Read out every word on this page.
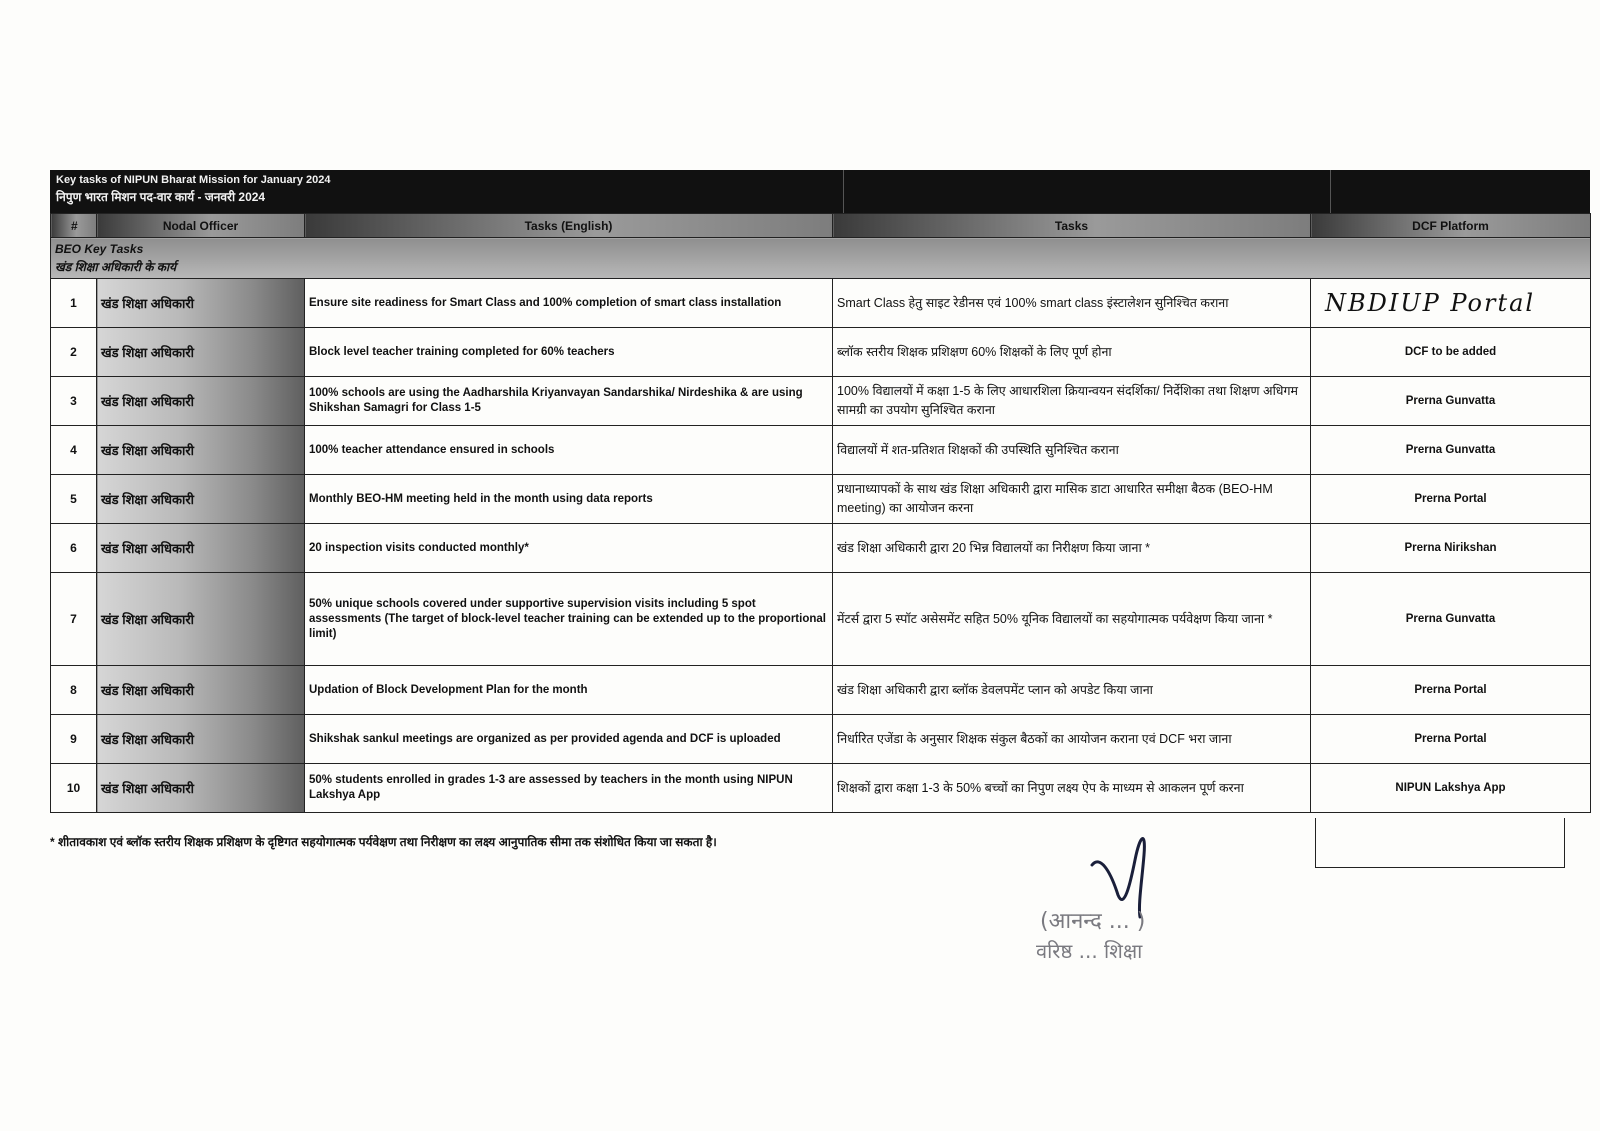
Key tasks of NIPUN Bharat Mission for January 2024
निपुण भारत मिशन पद-वार कार्य - जनवरी 2024
#	Nodal Officer	Tasks (English)	Tasks	DCF Platform

BEO Key Tasks
खंड शिक्षा अधिकारी के कार्य				

1	खंड शिक्षा अधिकारी	Ensure site readiness for Smart Class and 100% completion of smart class installation	Smart Class हेतु साइट रेडीनस एवं 100% smart class इंस्टालेशन सुनिश्चित कराना	NBDIUP Portal
2	खंड शिक्षा अधिकारी	Block level teacher training completed for 60% teachers	ब्लॉक स्तरीय शिक्षक प्रशिक्षण 60% शिक्षकों के लिए पूर्ण होना	DCF to be added
3	खंड शिक्षा अधिकारी	100% schools are using the Aadharshila Kriyanvayan Sandarshika/ Nirdeshika & are using Shikshan Samagri for Class 1-5	100% विद्यालयों में कक्षा 1-5 के लिए आधारशिला क्रियान्वयन संदर्शिका/ निर्देशिका तथा शिक्षण अधिगम सामग्री का उपयोग सुनिश्चित कराना	Prerna Gunvatta
4	खंड शिक्षा अधिकारी	100% teacher attendance ensured in schools	विद्यालयों में शत-प्रतिशत शिक्षकों की उपस्थिति सुनिश्चित कराना	Prerna Gunvatta
5	खंड शिक्षा अधिकारी	Monthly BEO-HM meeting held in the month using data reports	प्रधानाध्यापकों के साथ खंड शिक्षा अधिकारी द्वारा मासिक डाटा आधारित समीक्षा बैठक (BEO-HM meeting) का आयोजन करना	Prerna Portal
6	खंड शिक्षा अधिकारी	20 inspection visits conducted monthly*	खंड शिक्षा अधिकारी द्वारा 20 भिन्न विद्यालयों का निरीक्षण किया जाना *	Prerna Nirikshan
7	खंड शिक्षा अधिकारी	50% unique schools covered under supportive supervision visits including 5 spot assessments (The target of block-level teacher training can be extended up to the proportional limit)	मेंटर्स द्वारा 5 स्पॉट असेसमेंट सहित 50% यूनिक विद्यालयों का सहयोगात्मक पर्यवेक्षण किया जाना *	Prerna Gunvatta
8	खंड शिक्षा अधिकारी	Updation of Block Development Plan for the month	खंड शिक्षा अधिकारी द्वारा ब्लॉक डेवलपमेंट प्लान को अपडेट किया जाना	Prerna Portal
9	खंड शिक्षा अधिकारी	Shikshak sankul meetings are organized as per provided agenda and DCF is uploaded	निर्धारित एजेंडा के अनुसार शिक्षक संकुल बैठकों का आयोजन कराना एवं DCF भरा जाना	Prerna Portal
10	खंड शिक्षा अधिकारी	50% students enrolled in grades 1-3 are assessed by teachers in the month using NIPUN Lakshya App	शिक्षकों द्वारा कक्षा 1-3 के 50% बच्चों का निपुण लक्ष्य ऐप के माध्यम से आकलन पूर्ण करना	NIPUN Lakshya App
* शीतावकाश एवं ब्लॉक स्तरीय शिक्षक प्रशिक्षण के दृष्टिगत सहयोगात्मक पर्यवेक्षण तथा निरीक्षण का लक्ष्य आनुपातिक सीमा तक संशोधित किया जा सकता है।
(आनन्द ... )
वरिष्ठ ... शिक्षा
